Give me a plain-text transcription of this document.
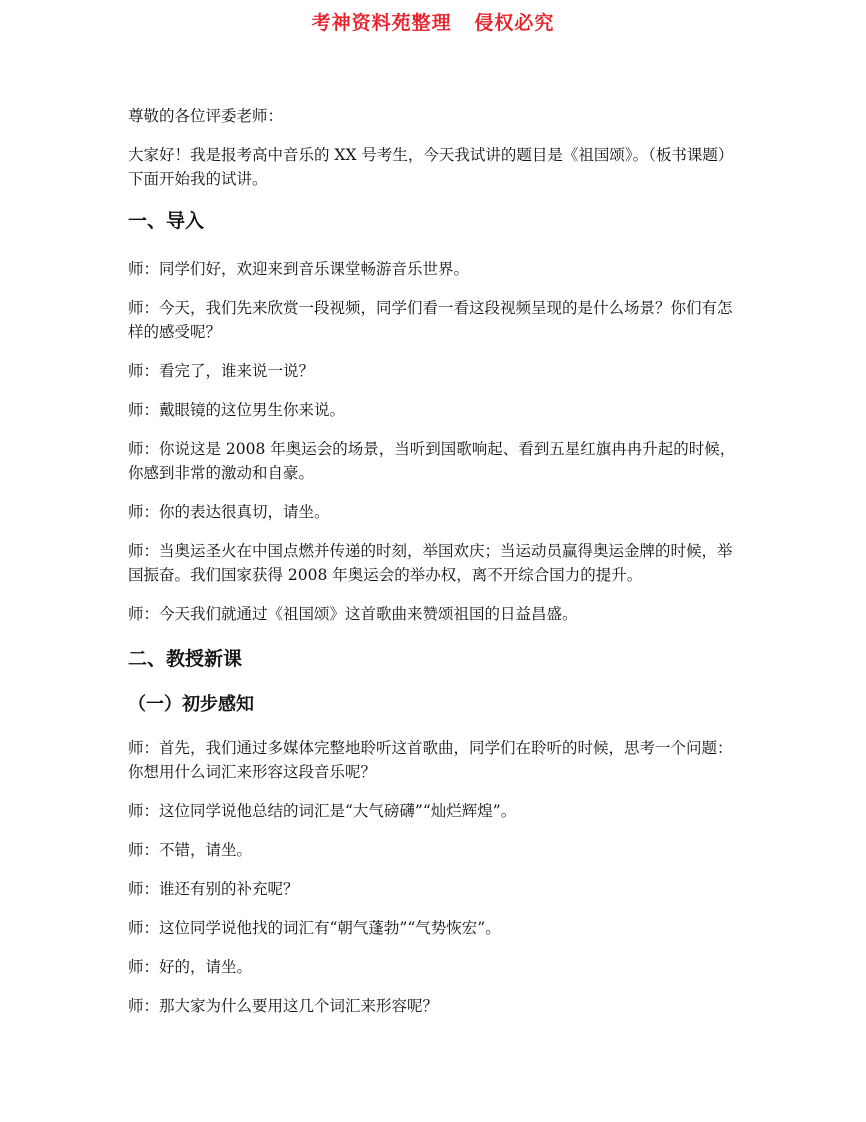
考神资料苑整理   侵权必究
尊敬的各位评委老师：
大家好！我是报考高中音乐的 XX 号考生，今天我试讲的题目是《祖国颂》。（板书课题）下面开始我的试讲。
一、导入
师：同学们好，欢迎来到音乐课堂畅游音乐世界。
师：今天，我们先来欣赏一段视频，同学们看一看这段视频呈现的是什么场景？你们有怎样的感受呢？
师：看完了，谁来说一说？
师：戴眼镜的这位男生你来说。
师：你说这是 2008 年奥运会的场景，当听到国歌响起、看到五星红旗冉冉升起的时候，你感到非常的激动和自豪。
师：你的表达很真切，请坐。
师：当奥运圣火在中国点燃并传递的时刻，举国欢庆；当运动员赢得奥运金牌的时候，举国振奋。我们国家获得 2008 年奥运会的举办权，离不开综合国力的提升。
师：今天我们就通过《祖国颂》这首歌曲来赞颂祖国的日益昌盛。
二、教授新课
（一）初步感知
师：首先，我们通过多媒体完整地聆听这首歌曲，同学们在聆听的时候，思考一个问题：你想用什么词汇来形容这段音乐呢？
师：这位同学说他总结的词汇是“大气磅礴”“灿烂辉煌”。
师：不错，请坐。
师：谁还有别的补充呢？
师：这位同学说他找的词汇有“朝气蓬勃”“气势恢宏”。
师：好的，请坐。
师：那大家为什么要用这几个词汇来形容呢？
